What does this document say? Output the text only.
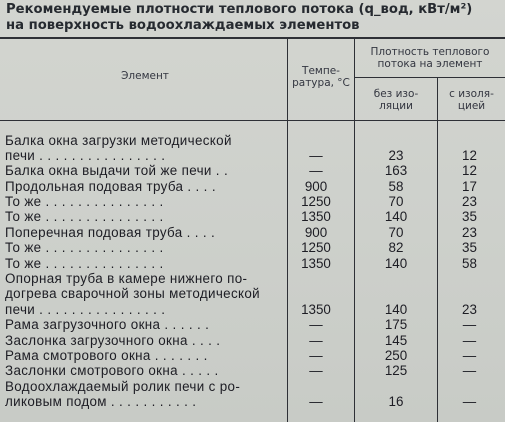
Рекомендуемые плотности теплового потока (q_вод, кВт/м²)
на поверхность водоохлаждаемых элементов
Элемент	Темпе-
ратура, °С
Плотность теплового
потока на элемент
без изо-
ляции
с изоля-
цией
Балка окна загрузки методической
печи . . . . . . . . . . . . . . . .	—	23	12
Балка окна выдачи той же печи . .	—	163	12
Продольная подовая труба . . . .	900	58	17
То же . . . . . . . . . . . . . . .	1250	70	23
То же . . . . . . . . . . . . . . .	1350	140	35
Поперечная подовая труба . . . .	900	70	23
То же . . . . . . . . . . . . . . .	1250	82	35
То же . . . . . . . . . . . . . . .	1350	140	58
Опорная труба в камере нижнего по-
догрева сварочной зоны методической
печи . . . . . . . . . . . . . . . .	1350	140	23
Рама загрузочного окна . . . . . .	—	175	—
Заслонка загрузочного окна . . . .	—	145	—
Рама смотрового окна . . . . . . .	—	250	—
Заслонки смотрового окна . . . . .	—	125	—
Водоохлаждаемый ролик печи с ро-
ликовым подом . . . . . . . . . . .	—	16	—
